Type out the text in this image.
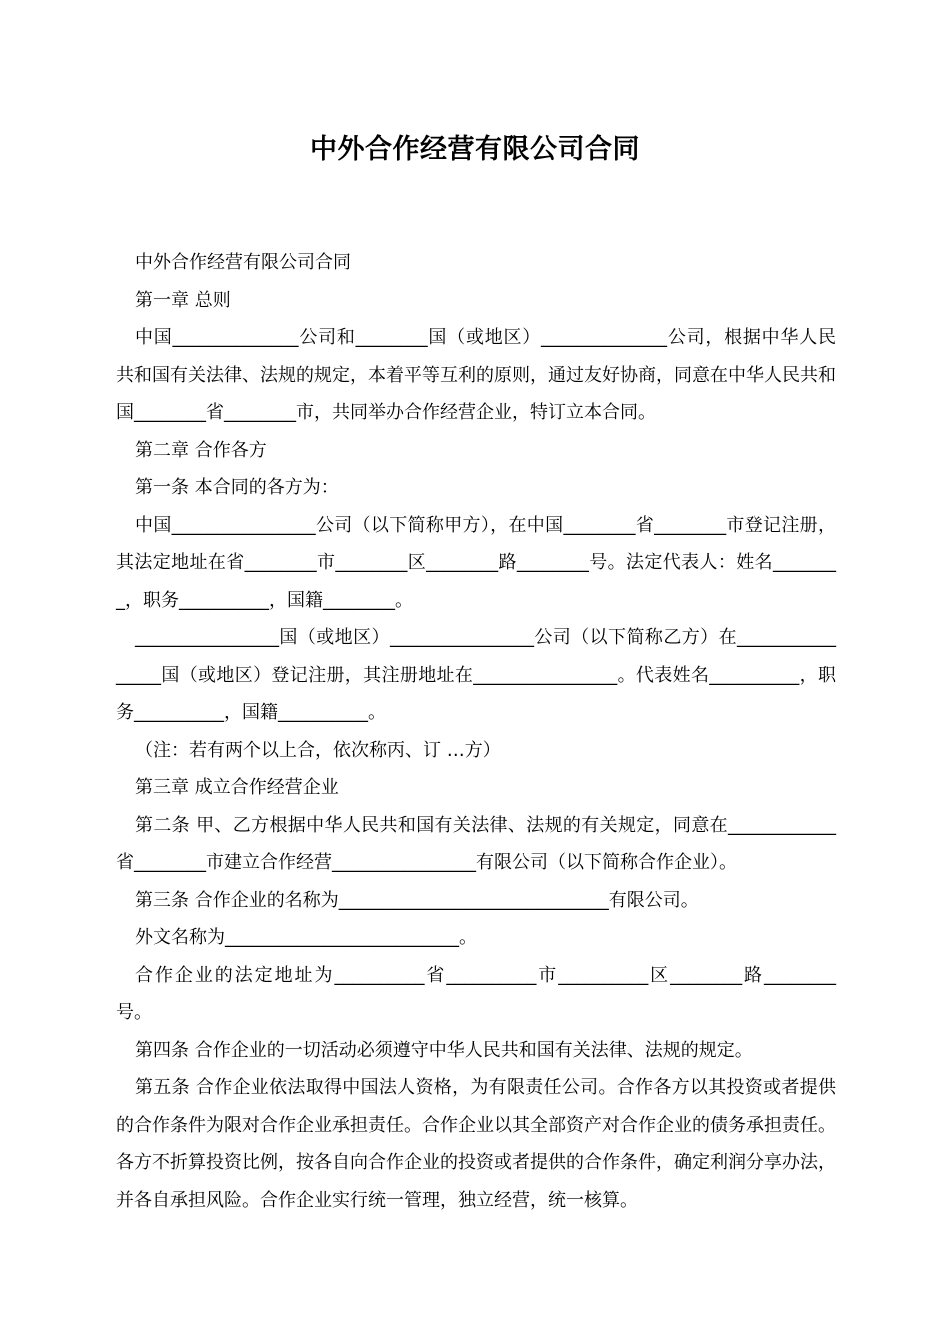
中外合作经营有限公司合同

中外合作经营有限公司合同

第一章 总则

中国______________公司和________国（或地区）______________公司，根据中华人民共和国有关法律、法规的规定，本着平等互利的原则，通过友好协商，同意在中华人民共和国________省________市，共同举办合作经营企业，特订立本合同。

第二章 合作各方

第一条 本合同的各方为：

中国________________公司（以下简称甲方），在中国________省________市登记注册，其法定地址在省________市________区________路________号。法定代表人：姓名________，职务__________，国籍________。

________________国（或地区）________________公司（以下简称乙方）在________________国（或地区）登记注册，其注册地址在________________。代表姓名__________，职务__________，国籍__________。

（注：若有两个以上合，依次称丙、订 …方）

第三章 成立合作经营企业

第二条 甲、乙方根据中华人民共和国有关法律、法规的有关规定，同意在____________省________市建立合作经营________________有限公司（以下简称合作企业）。

第三条 合作企业的名称为______________________________有限公司。

外文名称为__________________________。

合作企业的法定地址为__________省__________市__________区________路________号。

第四条 合作企业的一切活动必须遵守中华人民共和国有关法律、法规的规定。

第五条 合作企业依法取得中国法人资格，为有限责任公司。合作各方以其投资或者提供的合作条件为限对合作企业承担责任。合作企业以其全部资产对合作企业的债务承担责任。各方不折算投资比例，按各自向合作企业的投资或者提供的合作条件，确定利润分享办法，并各自承担风险。合作企业实行统一管理，独立经营，统一核算。
